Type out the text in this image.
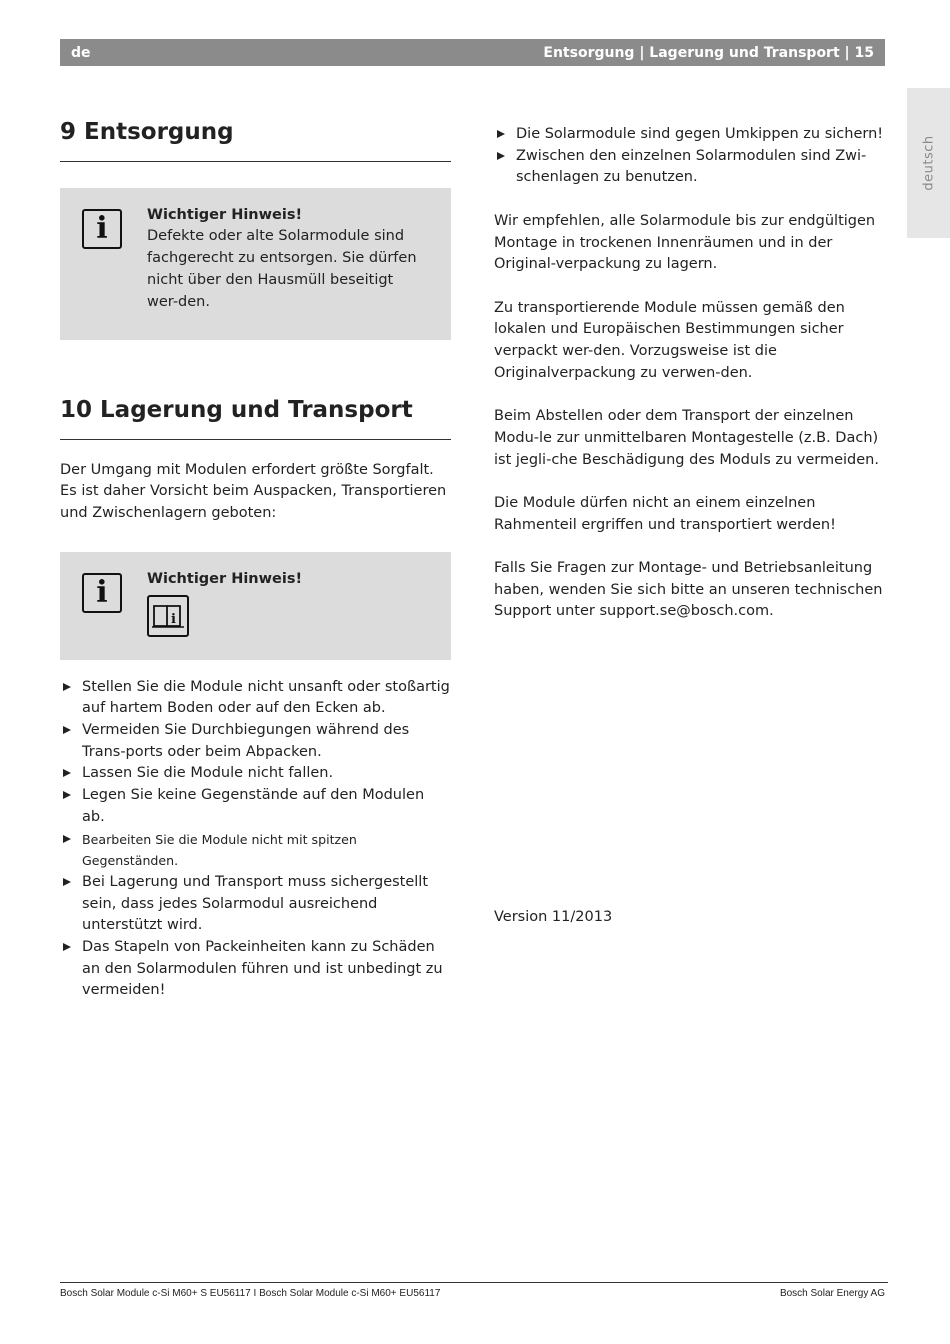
de	Entsorgung | Lagerung und Transport | 15
deutsch
9 Entsorgung
i	Wichtiger Hinweis!
Defekte oder alte Solarmodule sind fachgerecht zu entsorgen. Sie dürfen nicht über den Hausmüll beseitigt wer-den.
10 Lagerung und Transport

Der Umgang mit Modulen erfordert größte Sorgfalt. Es ist daher Vorsicht beim Auspacken, Transportieren und Zwischenlagern geboten:

i	Wichtiger Hinweis!
i
Stellen Sie die Module nicht unsanft oder stoßartig auf hartem Boden oder auf den Ecken ab.
Vermeiden Sie Durchbiegungen während des Trans-ports oder beim Abpacken.
Lassen Sie die Module nicht fallen.
Legen Sie keine Gegenstände auf den Modulen ab.
Bearbeiten Sie die Module nicht mit spitzen Gegenständen.
Bei Lagerung und Transport muss sichergestellt sein, dass jedes Solarmodul ausreichend unterstützt wird.
Das Stapeln von Packeinheiten kann zu Schäden an den Solarmodulen führen und ist unbedingt zu vermeiden!
Die Solarmodule sind gegen Umkippen zu sichern!
Zwischen den einzelnen Solarmodulen sind Zwi-schenlagen zu benutzen.

Wir empfehlen, alle Solarmodule bis zur endgültigen Montage in trockenen Innenräumen und in der Original-verpackung zu lagern.

Zu transportierende Module müssen gemäß den lokalen und Europäischen Bestimmungen sicher verpackt wer-den. Vorzugsweise ist die Originalverpackung zu verwen-den.

Beim Abstellen oder dem Transport der einzelnen Modu-le zur unmittelbaren Montagestelle (z.B. Dach) ist jegli-che Beschädigung des Moduls zu vermeiden.

Die Module dürfen nicht an einem einzelnen Rahmenteil ergriffen und transportiert werden!

Falls Sie Fragen zur Montage- und Betriebsanleitung haben, wenden Sie sich bitte an unseren technischen Support unter support.se@bosch.com.

Version 11/2013
Bosch Solar Module c-Si M60+ S EU56117 I Bosch Solar Module c-Si M60+ EU56117	Bosch Solar Energy AG
